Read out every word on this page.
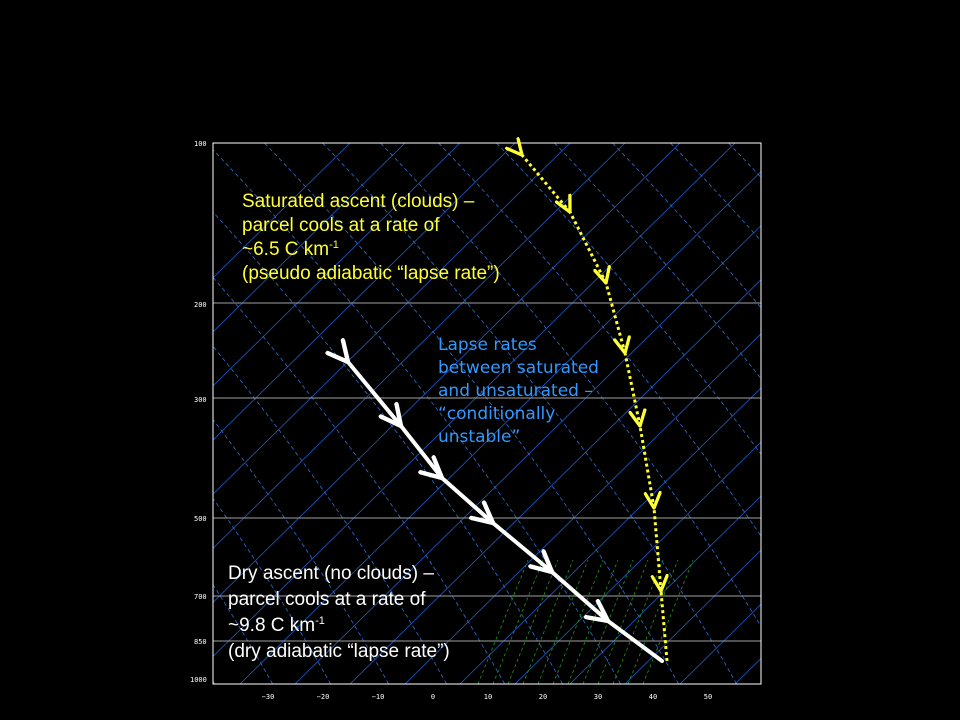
100
200
300
500
700
850
1000
−30	−20	−10	0	10	20	30	40	50
Saturated ascent (clouds) –
parcel cools at a rate of
~6.5 C $km^{-1}$
(pseudo adiabatic “lapse rate”)
Lapse rates
between saturated
and unsaturated –
“conditionally
unstable”
Dry ascent (no clouds) –
parcel cools at a rate of
~9.8 C $km^{-1}$
(dry adiabatic “lapse rate”)
